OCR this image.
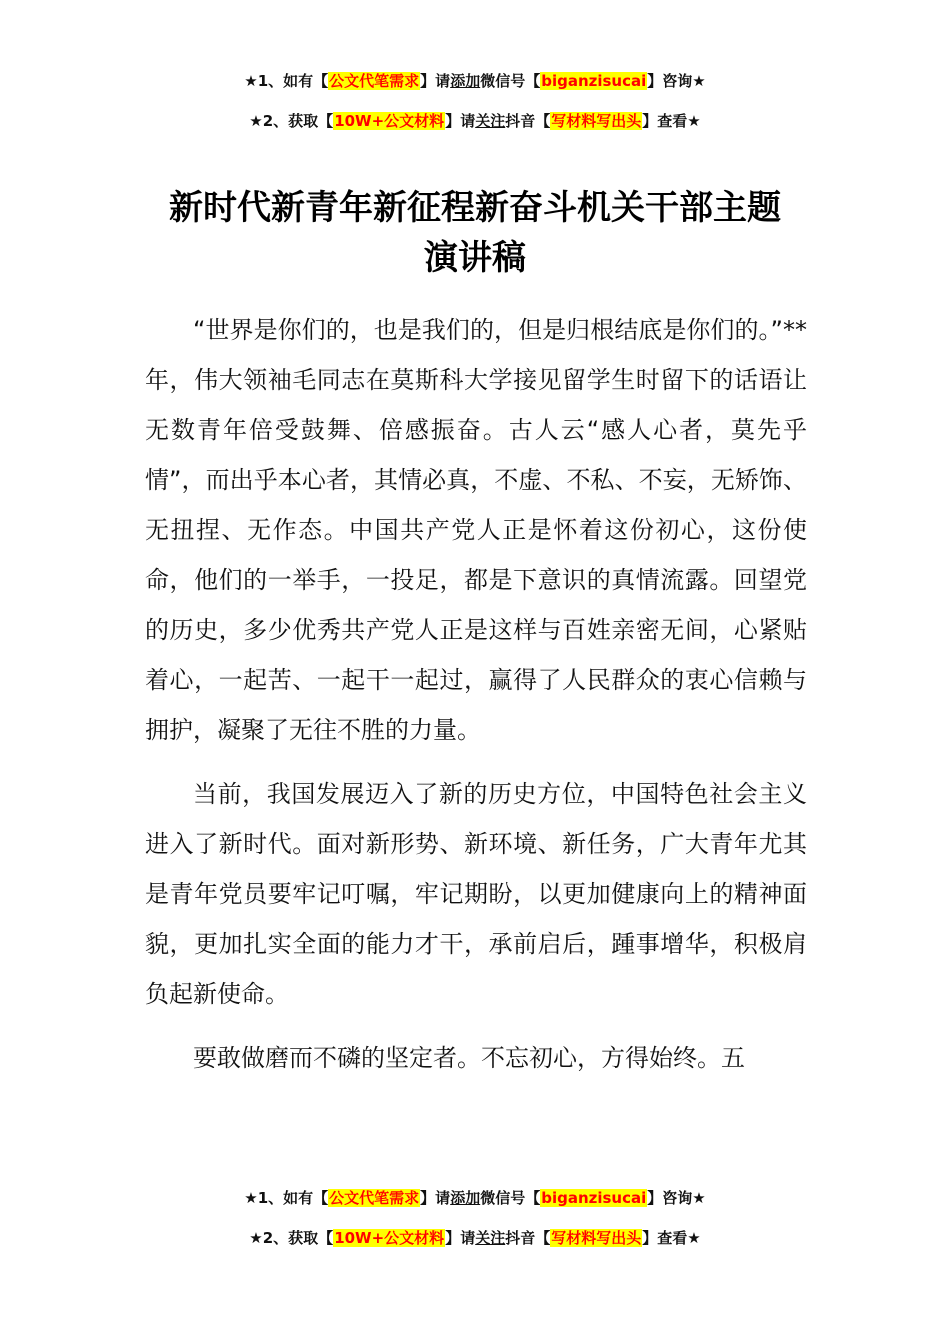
★1、如有【公文代笔需求】请添加微信号【biganzisucai】咨询★
★2、获取【10W+公文材料】请关注抖音【写材料写出头】查看★
新时代新青年新征程新奋斗机关干部主题
演讲稿

“世界是你们的，也是我们的，但是归根结底是你们的。”**年，伟大领袖毛同志在莫斯科大学接见留学生时留下的话语让无数青年倍受鼓舞、倍感振奋。古人云“感人心者，莫先乎情”，而出乎本心者，其情必真，不虚、不私、不妄，无矫饰、无扭捏、无作态。中国共产党人正是怀着这份初心，这份使命，他们的一举手，一投足，都是下意识的真情流露。回望党的历史，多少优秀共产党人正是这样与百姓亲密无间，心紧贴着心，一起苦、一起干一起过，赢得了人民群众的衷心信赖与拥护，凝聚了无往不胜的力量。

当前，我国发展迈入了新的历史方位，中国特色社会主义进入了新时代。面对新形势、新环境、新任务，广大青年尤其是青年党员要牢记叮嘱，牢记期盼，以更加健康向上的精神面貌，更加扎实全面的能力才干，承前启后，踵事增华，积极肩负起新使命。

要敢做磨而不磷的坚定者。不忘初心，方得始终。五

★1、如有【公文代笔需求】请添加微信号【biganzisucai】咨询★
★2、获取【10W+公文材料】请关注抖音【写材料写出头】查看★
